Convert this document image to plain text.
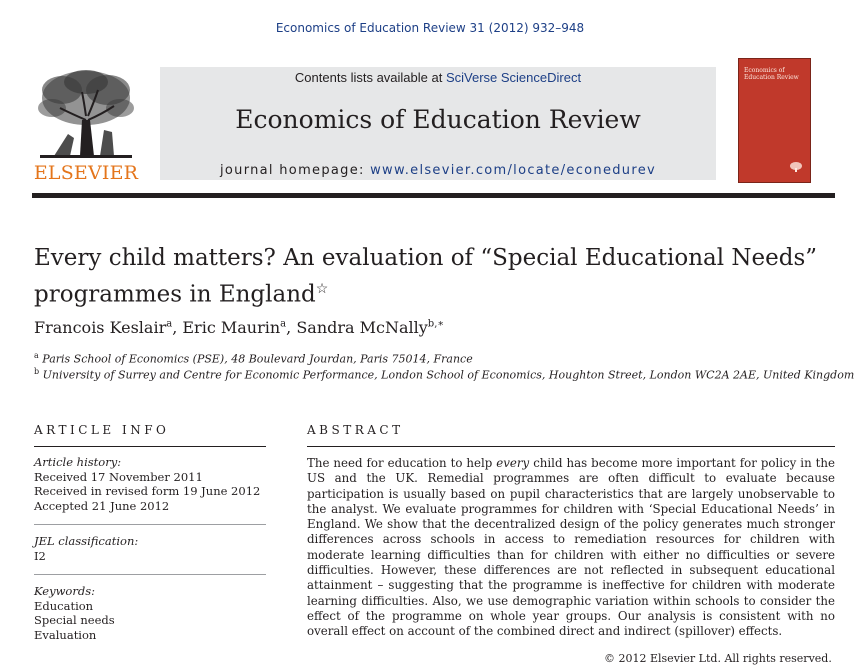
Economics of Education Review 31 (2012) 932–948
ELSEVIER
Contents lists available at SciVerse ScienceDirect
Economics of Education Review
journal homepage: www.elsevier.com/locate/econedurev
Economics of
Education Review
Every child matters? An evaluation of “Special Educational Needs”
programmes in England☆
Francois Keslair$^a$, Eric Maurin$^a$, Sandra McNally$^{b,∗}$
$^a$ Paris School of Economics (PSE), 48 Boulevard Jourdan, Paris 75014, France
$^b$ University of Surrey and Centre for Economic Performance, London School of Economics, Houghton Street, London WC2A 2AE, United Kingdom
ARTICLE INFO	ABSTRACT
Article history:
Received 17 November 2011
Received in revised form 19 June 2012
Accepted 21 June 2012
JEL classification:
I2
Keywords:
Education
Special needs
Evaluation
The need for education to help every child has become more important for policy in the US and the UK. Remedial programmes are often difficult to evaluate because participation is usually based on pupil characteristics that are largely unobservable to the analyst. We evaluate programmes for children with ‘Special Educational Needs’ in England. We show that the decentralized design of the policy generates much stronger differences across schools in access to remediation resources for children with moderate learning difficulties than for children with either no difficulties or severe difficulties. However, these differences are not reflected in subsequent educational attainment – suggesting that the programme is ineffective for children with moderate learning difficulties. Also, we use demographic variation within schools to consider the effect of the programme on whole year groups. Our analysis is consistent with no overall effect on account of the combined direct and indirect (spillover) effects.
© 2012 Elsevier Ltd. All rights reserved.
